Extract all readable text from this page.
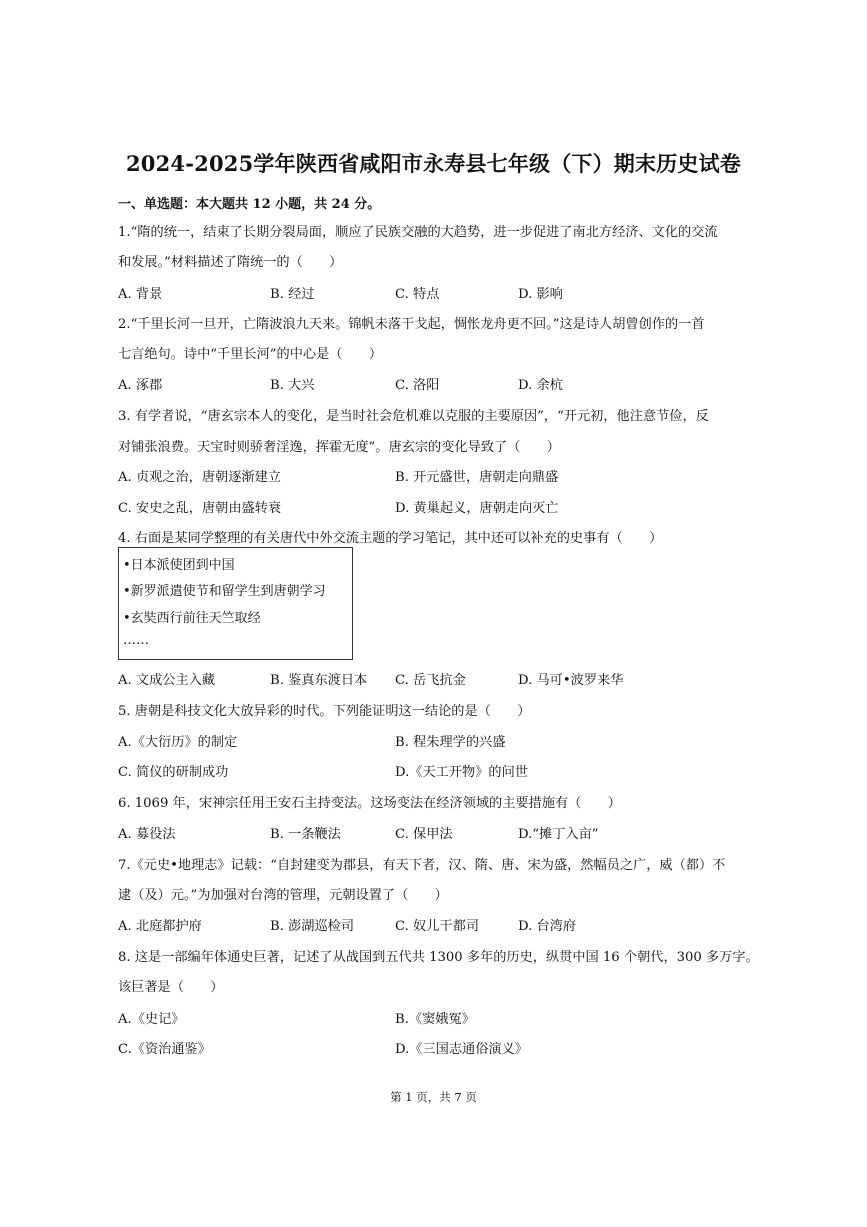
2024-2025学年陕西省咸阳市永寿县七年级（下）期末历史试卷
一、单选题：本大题共 12 小题，共 24 分。
1.“隋的统一，结束了长期分裂局面，顺应了民族交融的大趋势，进一步促进了南北方经济、文化的交流
和发展。”材料描述了隋统一的（　　）
A. 背景	B. 经过	C. 特点	D. 影响
2.“千里长河一旦开，亡隋波浪九天来。锦帆未落干戈起，惆怅龙舟更不回。”这是诗人胡曾创作的一首
七言绝句。诗中“千里长河”的中心是（　　）
A. 涿郡	B. 大兴	C. 洛阳	D. 余杭
3. 有学者说，“唐玄宗本人的变化，是当时社会危机难以克服的主要原因”，“开元初，他注意节俭，反
对铺张浪费。天宝时则骄奢淫逸，挥霍无度”。唐玄宗的变化导致了（　　）
A. 贞观之治，唐朝逐渐建立	B. 开元盛世，唐朝走向鼎盛
C. 安史之乱，唐朝由盛转衰	D. 黄巢起义，唐朝走向灭亡
4. 右面是某同学整理的有关唐代中外交流主题的学习笔记，其中还可以补充的史事有（　　）
•日本派使团到中国
•新罗派遣使节和留学生到唐朝学习
•玄奘西行前往天竺取经
……
A. 文成公主入藏	B. 鉴真东渡日本 C. 岳飞抗金	D. 马可•波罗来华
5. 唐朝是科技文化大放异彩的时代。下列能证明这一结论的是（　　）
A.《大衍历》的制定	B. 程朱理学的兴盛
C. 简仪的研制成功	D.《天工开物》的问世
6. 1069 年，宋神宗任用王安石主持变法。这场变法在经济领域的主要措施有（　　）
A. 募役法	B. 一条鞭法	C. 保甲法	D.“摊丁入亩”
7.《元史•地理志》记载：“自封建变为郡县，有天下者，汉、隋、唐、宋为盛，然幅员之广，威（都）不
逮（及）元。”为加强对台湾的管理，元朝设置了（　　）
A. 北庭都护府	B. 澎湖巡检司	C. 奴儿干都司	D. 台湾府
8. 这是一部编年体通史巨著，记述了从战国到五代共 1300 多年的历史，纵贯中国 16 个朝代，300 多万字。
该巨著是（　　）
A.《史记》	B.《窦娥冤》
C.《资治通鉴》	D.《三国志通俗演义》
第 1 页，共 7 页
